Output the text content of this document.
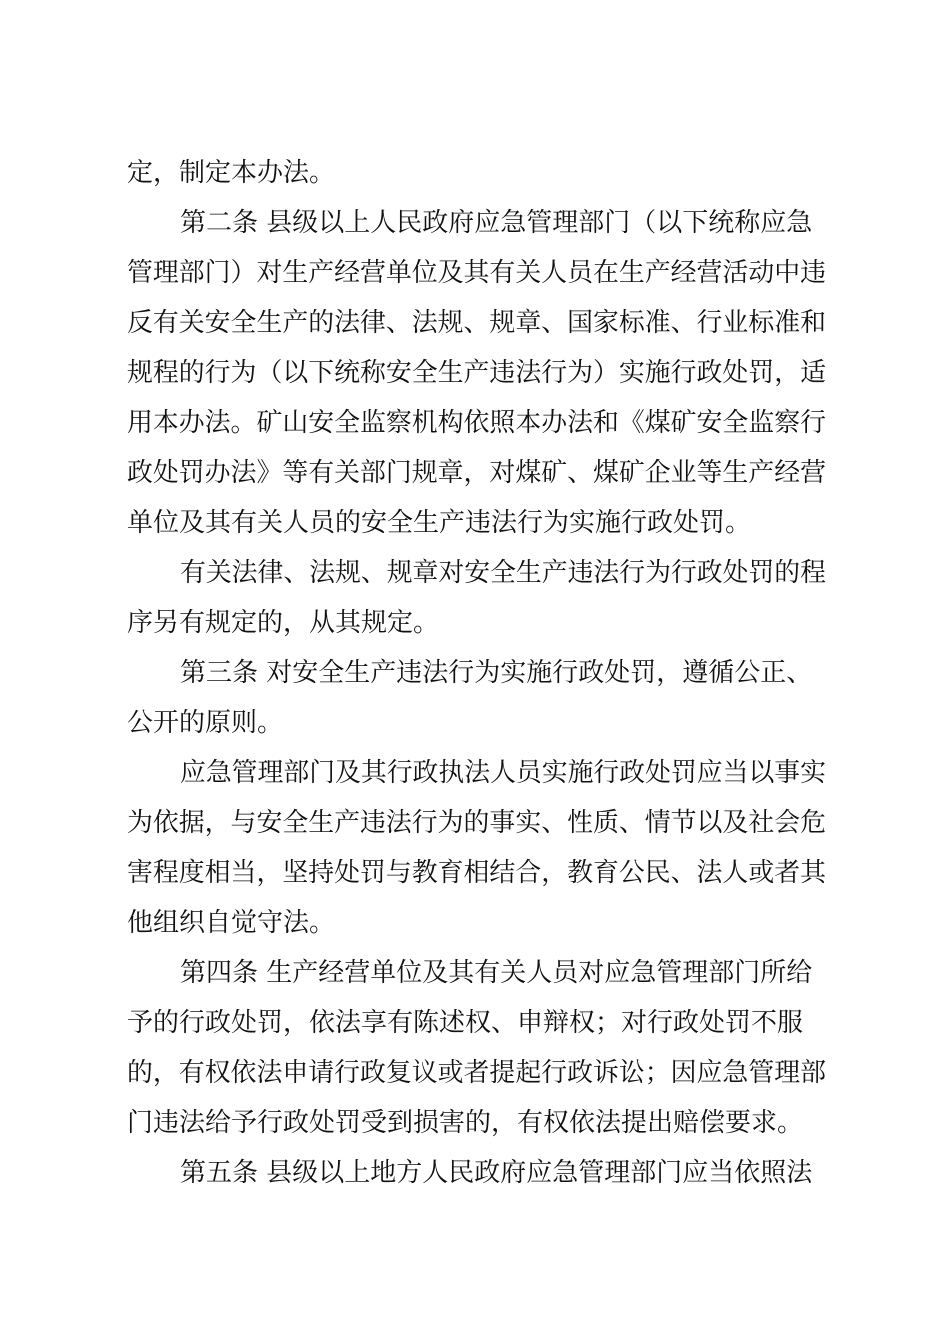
定，制定本办法。
第二条 县级以上人民政府应急管理部门（以下统称应急
管理部门）对生产经营单位及其有关人员在生产经营活动中违
反有关安全生产的法律、法规、规章、国家标准、行业标准和
规程的行为（以下统称安全生产违法行为）实施行政处罚，适
用本办法。矿山安全监察机构依照本办法和《煤矿安全监察行
政处罚办法》等有关部门规章，对煤矿、煤矿企业等生产经营
单位及其有关人员的安全生产违法行为实施行政处罚。
有关法律、法规、规章对安全生产违法行为行政处罚的程
序另有规定的，从其规定。
第三条 对安全生产违法行为实施行政处罚，遵循公正、
公开的原则。
应急管理部门及其行政执法人员实施行政处罚应当以事实
为依据，与安全生产违法行为的事实、性质、情节以及社会危
害程度相当，坚持处罚与教育相结合，教育公民、法人或者其
他组织自觉守法。
第四条 生产经营单位及其有关人员对应急管理部门所给
予的行政处罚，依法享有陈述权、申辩权；对行政处罚不服
的，有权依法申请行政复议或者提起行政诉讼；因应急管理部
门违法给予行政处罚受到损害的，有权依法提出赔偿要求。
第五条 县级以上地方人民政府应急管理部门应当依照法
